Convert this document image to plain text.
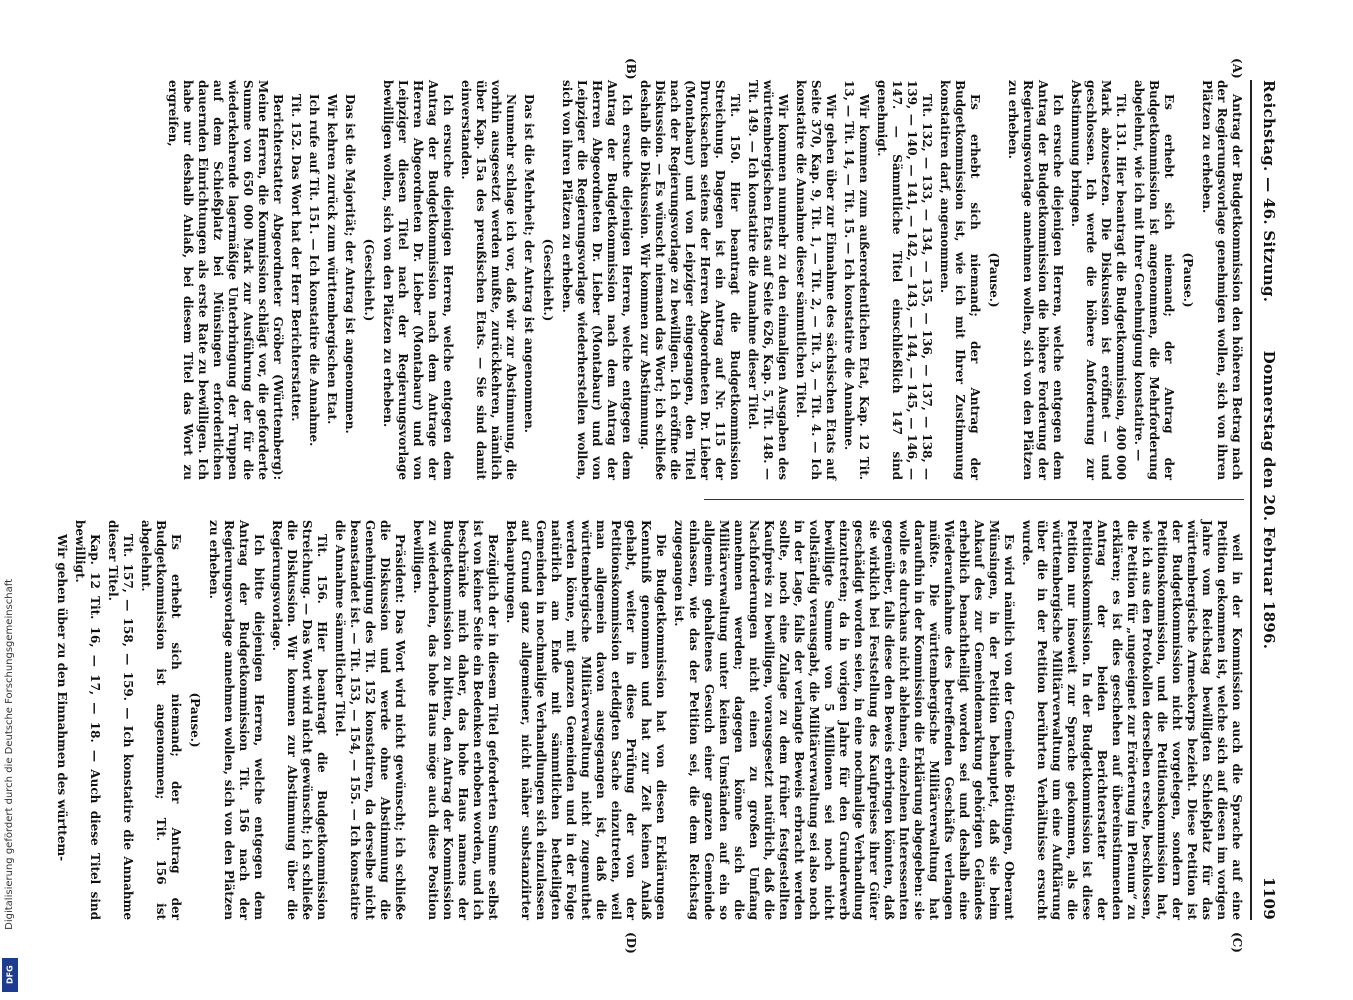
Digitalisierung gefördert durch die Deutsche Forschungsgemeinschaft
DFG
Reichstag. — 46. Sitzung.
Donnerstag den 20. Februar 1896.
1109
(A)
(B)
(C)
(D)

Antrag der Budgetkommission den höheren Betrag nach der Regierungsvorlage genehmigen wollen, sich von ihren Plätzen zu erheben.

(Pause.)

Es erhebt sich niemand; der Antrag der Budgetkommission ist angenommen, die Mehrforderung abgelehnt, wie ich mit Ihrer Genehmigung konstatire. —

Tit. 131. Hier beantragt die Budgetkommission, 400 000 Mark abzusetzen. Die Diskussion ist eröffnet — und geschlossen. Ich werde die höhere Anforderung zur Abstimmung bringen.

Ich ersuche diejenigen Herren, welche entgegen dem Antrag der Budgetkommission die höhere Forderung der Regierungsvorlage annehmen wollen, sich von den Plätzen zu erheben.

(Pause.)

Es erhebt sich niemand; der Antrag der Budgetkommission ist, wie ich mit Ihrer Zustimmung konstatiren darf, angenommen.

Tit. 132, — 133, — 134, — 135, — 136, — 137, — 138, — 139, — 140, — 141, — 142, — 143, — 144, — 145, — 146, — 147. — Sämmtliche Titel einschließlich 147 sind genehmigt.

Wir kommen zum außerordentlichen Etat, Kap. 12 Tit. 13, — Tit. 14, — Tit. 15. — Ich konstatire die Annahme.

Wir gehen über zur Einnahme des sächsischen Etats auf Seite 370, Kap. 9, Tit. 1, — Tit. 2, — Tit. 3, — Tit. 4. — Ich konstatire die Annahme dieser sämmtlichen Titel.

Wir kommen nunmehr zu den einmaligen Ausgaben des württembergischen Etats auf Seite 626, Kap. 5, Tit. 148. — Tit. 149. — Ich konstatire die Annahme dieser Titel.

Tit. 150. Hier beantragt die Budgetkommission Streichung. Dagegen ist ein Antrag auf Nr. 115 der Drucksachen seitens der Herren Abgeordneten Dr. Lieber (Montabaur) und von Leipziger eingegangen, den Titel nach der Regierungsvorlage zu bewilligen. Ich eröffne die Diskussion. — Es wünscht niemand das Wort; ich schließe deshalb die Diskussion. Wir kommen zur Abstimmung.

Ich ersuche diejenigen Herren, welche entgegen dem Antrag der Budgetkommission nach dem Antrag der Herren Abgeordneten Dr. Lieber (Montabaur) und von Leipziger die Regierungsvorlage wiederherstellen wollen, sich von ihren Plätzen zu erheben.

(Geschieht.)

Das ist die Mehrheit; der Antrag ist angenommen.

Nunmehr schlage ich vor, daß wir zur Abstimmung, die vorhin ausgesetzt werden mußte, zurückkehren, nämlich über Kap. 15a des preußischen Etats. — Sie sind damit einverstanden.

Ich ersuche diejenigen Herren, welche entgegen dem Antrag der Budgetkommission nach dem Antrage der Herren Abgeordneten Dr. Lieber (Montabaur) und von Leipziger diesen Titel nach der Regierungsvorlage bewilligen wollen, sich von den Plätzen zu erheben.

(Geschieht.)

Das ist die Majorität; der Antrag ist angenommen.

Wir kehren zurück zum württembergischen Etat.

Ich rufe auf Tit. 151. — Ich konstatire die Annahme.

Tit. 152. Das Wort hat der Herr Berichterstatter.

Berichterstatter Abgeordneter Gröber (Württemberg): Meine Herren, die Kommission schlägt vor, die geforderte Summe von 650 000 Mark zur Ausführung der für die wiederkehrende lagermäßige Unterbringung der Truppen auf dem Schießplatz bei Münsingen erforderlichen dauernden Einrichtungen als erste Rate zu bewilligen. Ich habe nur deshalb Anlaß, bei diesem Titel das Wort zu ergreifen,

weil in der Kommission auch die Sprache auf eine Petition gekommen ist, welche sich auf diesen im vorigen Jahre vom Reichstag bewilligten Schießplatz für das württembergische Armeekorps bezieht. Diese Petition ist der Budgetkommission nicht vorgelegen, sondern der Petitionskommission, und die Petitionskommission hat, wie ich aus den Protokollen derselben ersehe, beschlossen, die Petition für „ungeeignet zur Erörterung im Plenum“ zu erklären; es ist dies geschehen auf übereinstimmenden Antrag der beiden Berichterstatter der Petitionskommission. In der Budgetkommission ist diese Petition nur insoweit zur Sprache gekommen, als die württembergische Militärverwaltung um eine Aufklärung über die in der Petition berührten Verhältnisse ersucht wurde.

Es wird nämlich von der Gemeinde Böttingen, Oberamt Münsingen, in der Petition behauptet, daß sie beim Ankauf des zur Gemeindemarkung gehörigen Geländes erheblich benachtheiligt worden sei und deshalb eine Wiederaufnahme des betreffenden Geschäfts verlangen müßte. Die württembergische Militärverwaltung hat daraufhin in der Kommission die Erklärung abgegeben: sie wolle es durchaus nicht ablehnen, einzelnen Interessenten gegenüber, falls diese den Beweis erbringen könnten, daß sie wirklich bei Feststellung des Kaufpreises ihrer Güter geschädigt worden seien, in eine nochmalige Verhandlung einzutreten; da in vorigen Jahre für den Grunderwerb bewilligte Summe von 5 Millionen sei noch nicht vollständig verausgabt, die Militärverwaltung sei also noch in der Lage, falls der verlangte Beweis erbracht werden sollte, noch eine Zulage zu dem früher festgestellten Kaufpreis zu bewilligen, vorausgesetzt natürlich, daß die Nachforderungen nicht einen zu großen Umfang annehmen werden; dagegen könne sich die Militärverwaltung unter keinen Umständen auf ein so allgemein gehaltenes Gesuch einer ganzen Gemeinde einlassen, wie das der Petition sei, die dem Reichstag zugegangen ist.

Die Budgetkommission hat von diesen Erklärungen Kenntniß genommen und hat zur Zeit keinen Anlaß gehabt, weiter in diese Prüfung der von der Petitionskommission erledigten Sache einzutreten, weil man allgemein davon ausgegangen ist, daß die württembergische Militärverwaltung nicht zugemuthet werden könne, mit ganzen Gemeinden und in der Folge natürlich am Ende mit sämmtlichen betheiligten Gemeinden in nochmalige Verhandlungen sich einzulassen auf Grund ganz allgemeiner, nicht näher substanziirter Behauptungen.

Bezüglich der in diesem Titel geforderten Summe selbst ist von keiner Seite ein Bedenken erhoben worden, und ich beschränke mich daher, das hohe Haus namens der Budgetkommission zu bitten, den Antrag der Kommission zu wiederholen, das hohe Haus möge auch diese Position bewilligen.

Präsident: Das Wort wird nicht gewünscht; ich schließe die Diskussion und werde ohne Abstimmung die Genehmigung des Tit. 152 konstatiren, da derselbe nicht beanstandet ist. — Tit. 153, — 154, — 155. — Ich konstatire die Annahme sämmtlicher Titel.

Tit. 156. Hier beantragt die Budgetkommission Streichung. — Das Wort wird nicht gewünscht; ich schließe die Diskussion. Wir kommen zur Abstimmung über die Regierungsvorlage.

Ich bitte diejenigen Herren, welche entgegen dem Antrag der Budgetkommission Tit. 156 nach der Regierungsvorlage annehmen wollen, sich von den Plätzen zu erheben.

(Pause.)

Es erhebt sich niemand; der Antrag der Budgetkommission ist angenommen; Tit. 156 ist abgelehnt.

Tit. 157, — 158, — 159. — Ich konstatire die Annahme dieser Titel.

Kap. 12 Tit. 16, — 17, — 18. — Auch diese Titel sind bewilligt.

Wir gehen über zu den Einnahmen des württem-
